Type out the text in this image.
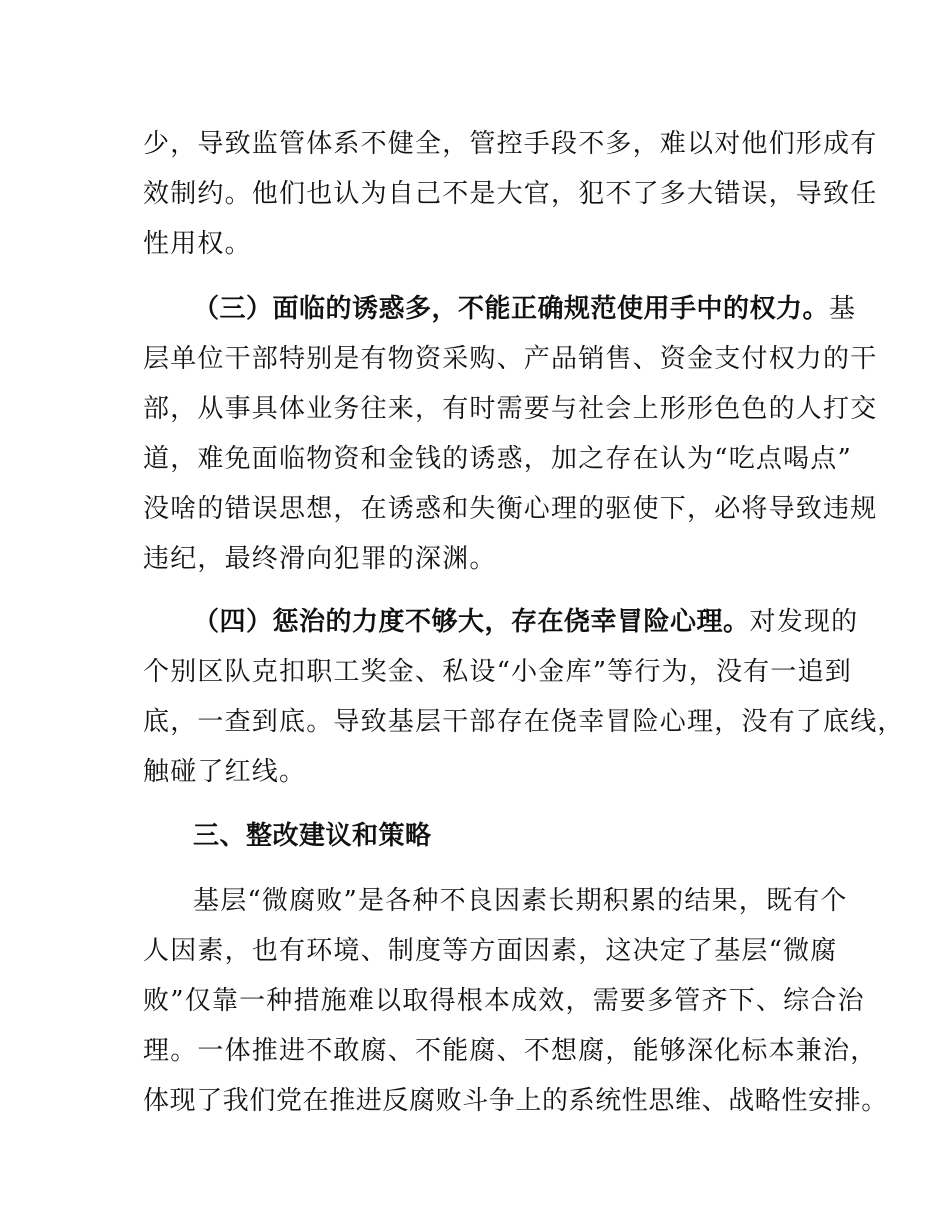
少，导致监管体系不健全，管控手段不多，难以对他们形成有
效制约。他们也认为自己不是大官，犯不了多大错误，导致任
性用权。
（三）面临的诱惑多，不能正确规范使用手中的权力。基
层单位干部特别是有物资采购、产品销售、资金支付权力的干
部，从事具体业务往来，有时需要与社会上形形色色的人打交
道，难免面临物资和金钱的诱惑，加之存在认为“吃点喝点”
没啥的错误思想，在诱惑和失衡心理的驱使下，必将导致违规
违纪，最终滑向犯罪的深渊。
（四）惩治的力度不够大，存在侥幸冒险心理。对发现的
个别区队克扣职工奖金、私设“小金库”等行为，没有一追到
底，一查到底。导致基层干部存在侥幸冒险心理，没有了底线，
触碰了红线。
三、整改建议和策略
基层“微腐败”是各种不良因素长期积累的结果，既有个
人因素，也有环境、制度等方面因素，这决定了基层“微腐
败”仅靠一种措施难以取得根本成效，需要多管齐下、综合治
理。一体推进不敢腐、不能腐、不想腐，能够深化标本兼治，
体现了我们党在推进反腐败斗争上的系统性思维、战略性安排。
